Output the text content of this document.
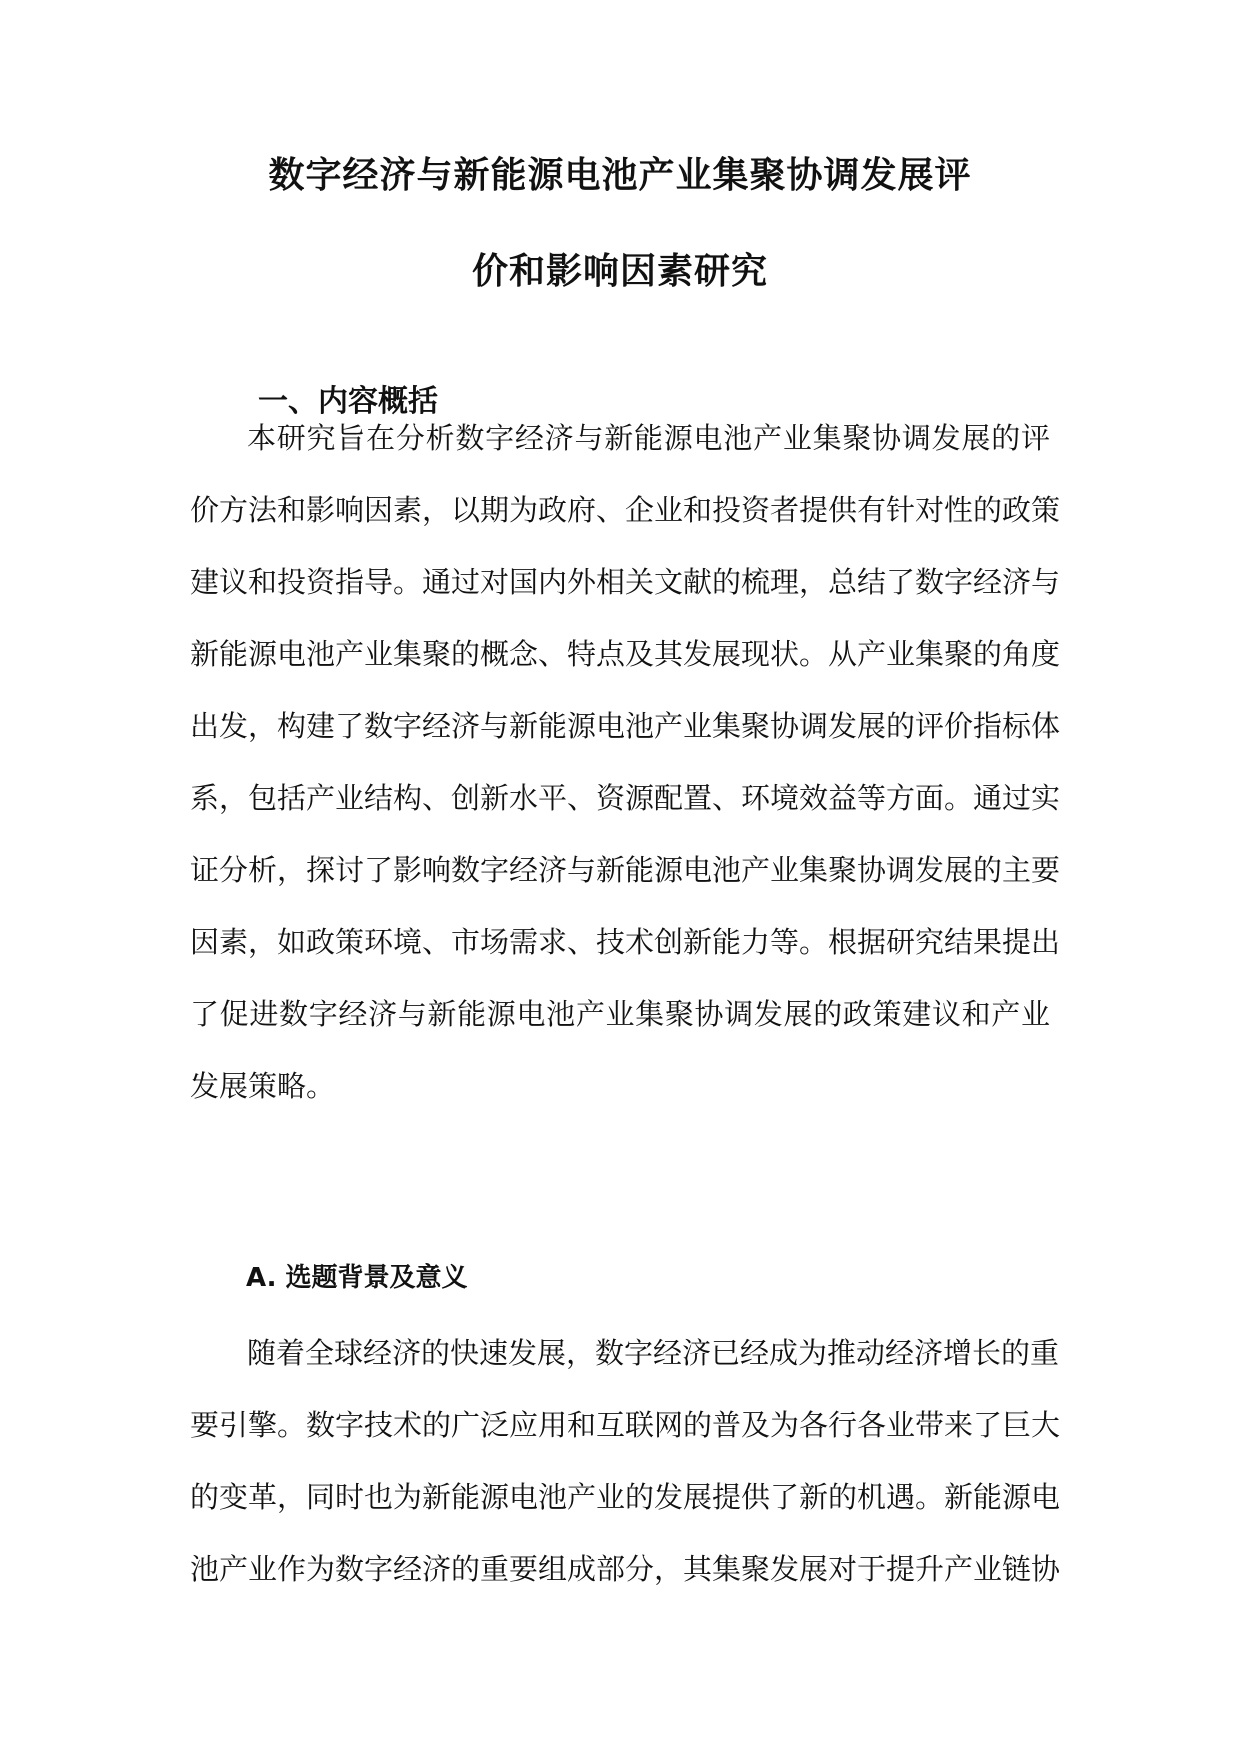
数字经济与新能源电池产业集聚协调发展评
价和影响因素研究
一、内容概括

本研究旨在分析数字经济与新能源电池产业集聚协调发展的评

价方法和影响因素，以期为政府、企业和投资者提供有针对性的政策

建议和投资指导。通过对国内外相关文献的梳理，总结了数字经济与

新能源电池产业集聚的概念、特点及其发展现状。从产业集聚的角度

出发，构建了数字经济与新能源电池产业集聚协调发展的评价指标体

系，包括产业结构、创新水平、资源配置、环境效益等方面。通过实

证分析，探讨了影响数字经济与新能源电池产业集聚协调发展的主要

因素，如政策环境、市场需求、技术创新能力等。根据研究结果提出

了促进数字经济与新能源电池产业集聚协调发展的政策建议和产业

发展策略。

A. 选题背景及意义

随着全球经济的快速发展，数字经济已经成为推动经济增长的重

要引擎。数字技术的广泛应用和互联网的普及为各行各业带来了巨大

的变革，同时也为新能源电池产业的发展提供了新的机遇。新能源电

池产业作为数字经济的重要组成部分，其集聚发展对于提升产业链协
